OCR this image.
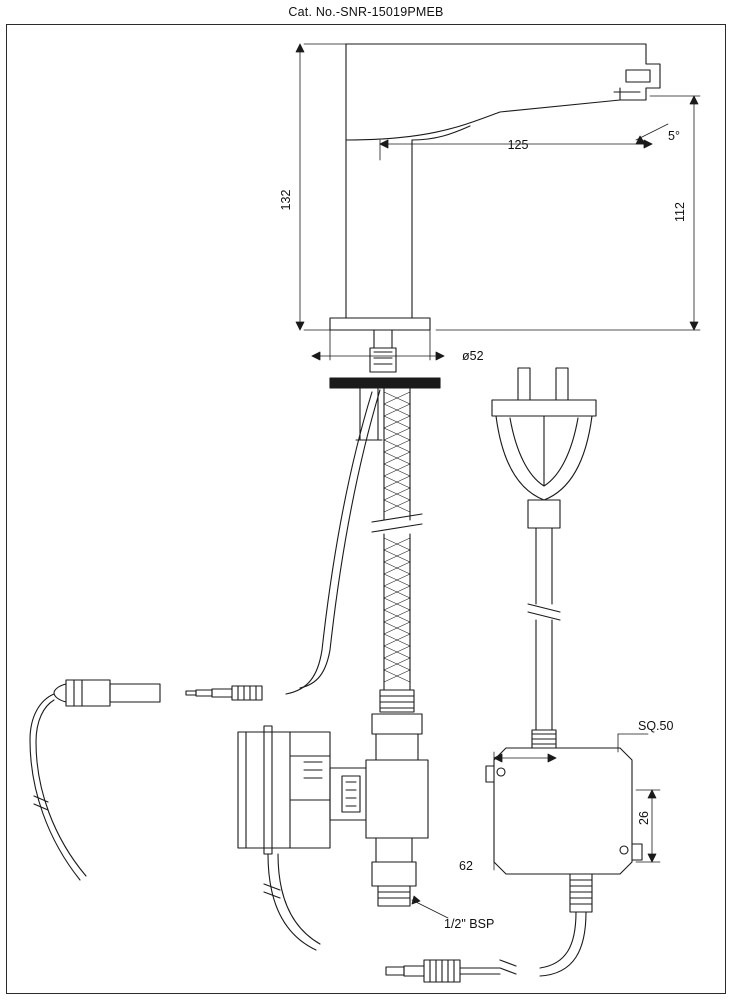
Cat. No.-SNR-15019PMEB
132
125
5°
112
ø52
SQ.50
26
62
1/2" BSP
